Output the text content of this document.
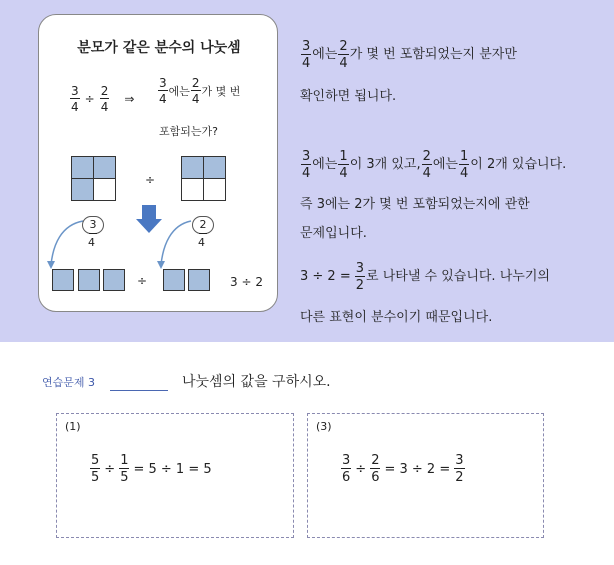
분모가 같은 분수의 나눗셈
$\frac{3}{4} \div \frac{2}{4}$ ⇒ $\frac{3}{4}$ 에는 $\frac{2}{4}$ 가 몇 번
포함되는가?
÷
3
4
2
4
÷	3 ÷ 2
$\frac{3}{4}$ 에는 $\frac{2}{4}$ 가 몇 번 포함되었는지 분자만
확인하면 됩니다.
$\frac{3}{4}$ 에는 $\frac{1}{4}$ 이 3개 있고, $\frac{2}{4}$ 에는 $\frac{1}{4}$ 이 2개 있습니다.
즉 3에는 2가 몇 번 포함되었는지에 관한
문제입니다.
$3 \div 2 = \frac{3}{2}$ 로 나타낼 수 있습니다. 나누기의
다른 표현이 분수이기 때문입니다.
연습문제 3	나눗셈의 값을 구하시오.
(1)
$\frac{5}{5} \div \frac{1}{5} = 5 \div 1 = 5$
(3)
$\frac{3}{6} \div \frac{2}{6} = 3 \div 2 = \frac{3}{2}$
